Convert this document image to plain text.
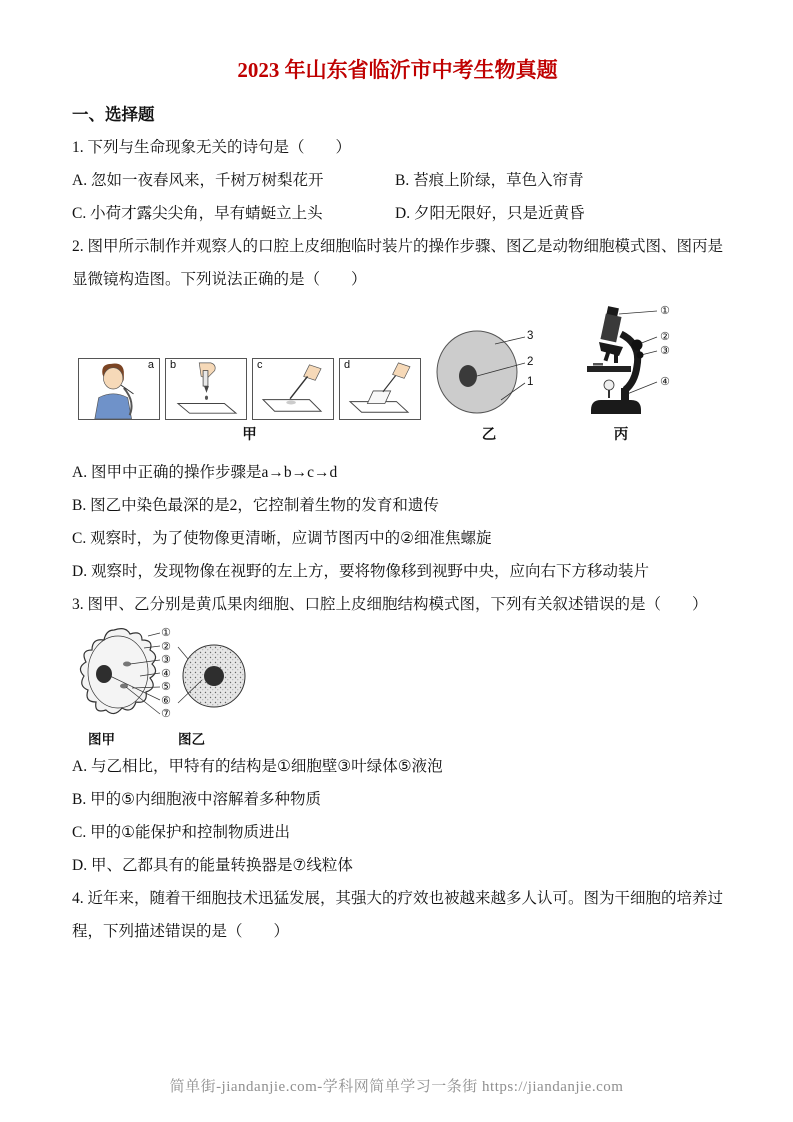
2023 年山东省临沂市中考生物真题

一、选择题

1. 下列与生命现象无关的诗句是（　　）

A. 忽如一夜春风来，千树万树梨花开	B. 苔痕上阶绿，草色入帘青

C. 小荷才露尖尖角，早有蜻蜓立上头	D. 夕阳无限好，只是近黄昏

2. 图甲所示制作并观察人的口腔上皮细胞临时装片的操作步骤、图乙是动物细胞模式图、图丙是显微镜构造图。下列说法正确的是（　　）

a b	c	d
甲
3
2
1
乙
①
②
③
④
丙

A. 图甲中正确的操作步骤是a→b→c→d

B. 图乙中染色最深的是2，它控制着生物的发育和遗传

C. 观察时，为了使物像更清晰，应调节图丙中的②细准焦螺旋

D. 观察时，发现物像在视野的左上方，要将物像移到视野中央，应向右下方移动装片

3. 图甲、乙分别是黄瓜果肉细胞、口腔上皮细胞结构模式图，下列有关叙述错误的是（　　）

①
②
③
④
⑤
⑥
⑦
图甲	图乙

A. 与乙相比，甲特有的结构是①细胞壁③叶绿体⑤液泡

B. 甲的⑤内细胞液中溶解着多种物质

C. 甲的①能保护和控制物质进出

D. 甲、乙都具有的能量转换器是⑦线粒体

4. 近年来，随着干细胞技术迅猛发展，其强大的疗效也被越来越多人认可。图为干细胞的培养过程，下列描述错误的是（　　）

简单街-jiandanjie.com-学科网简单学习一条街 https://jiandanjie.com
